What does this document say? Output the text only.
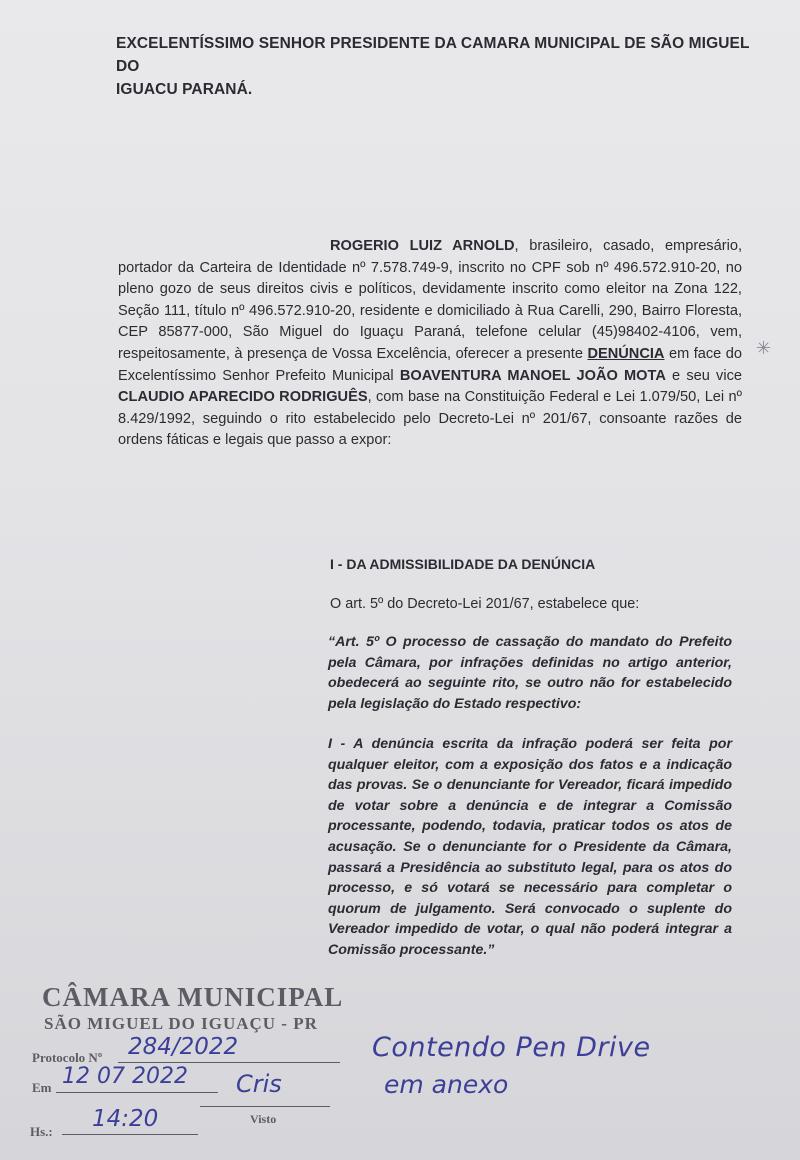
EXCELENTÍSSIMO SENHOR PRESIDENTE DA CAMARA MUNICIPAL DE SÃO MIGUEL DO
IGUACU PARANÁ.
ROGERIO LUIZ ARNOLD, brasileiro, casado, empresário, portador da Carteira de Identidade nº 7.578.749-9, inscrito no CPF sob nº 496.572.910-20, no pleno gozo de seus direitos civis e políticos, devidamente inscrito como eleitor na Zona 122, Seção 111, título nº 496.572.910-20, residente e domiciliado à Rua Carelli, 290, Bairro Floresta, CEP 85877-000, São Miguel do Iguaçu Paraná, telefone celular (45)98402-4106, vem, respeitosamente, à presença de Vossa Excelência, oferecer a presente DENÚNCIA em face do Excelentíssimo Senhor Prefeito Municipal BOAVENTURA MANOEL JOÃO MOTA e seu vice CLAUDIO APARECIDO RODRIGUÊS, com base na Constituição Federal e Lei 1.079/50, Lei nº 8.429/1992, seguindo o rito estabelecido pelo Decreto-Lei nº 201/67, consoante razões de ordens fáticas e legais que passo a expor:
✳
I - DA ADMISSIBILIDADE DA DENÚNCIA
O art. 5º do Decreto-Lei 201/67, estabelece que:
“Art. 5º O processo de cassação do mandato do Prefeito pela Câmara, por infrações definidas no artigo anterior, obedecerá ao seguinte rito, se outro não for estabelecido pela legislação do Estado respectivo:
I - A denúncia escrita da infração poderá ser feita por qualquer eleitor, com a exposição dos fatos e a indicação das provas. Se o denunciante for Vereador, ficará impedido de votar sobre a denúncia e de integrar a Comissão processante, podendo, todavia, praticar todos os atos de acusação. Se o denunciante for o Presidente da Câmara, passará a Presidência ao substituto legal, para os atos do processo, e só votará se necessário para completar o quorum de julgamento. Será convocado o suplente do Vereador impedido de votar, o qual não poderá integrar a Comissão processante.”
CÂMARA MUNICIPAL
SÃO MIGUEL DO IGUAÇU - PR
Protocolo Nº 284/2022
Em 12 07 2022 Cris
Visto
Hs.: 14:20
Contendo Pen Drive
em anexo
